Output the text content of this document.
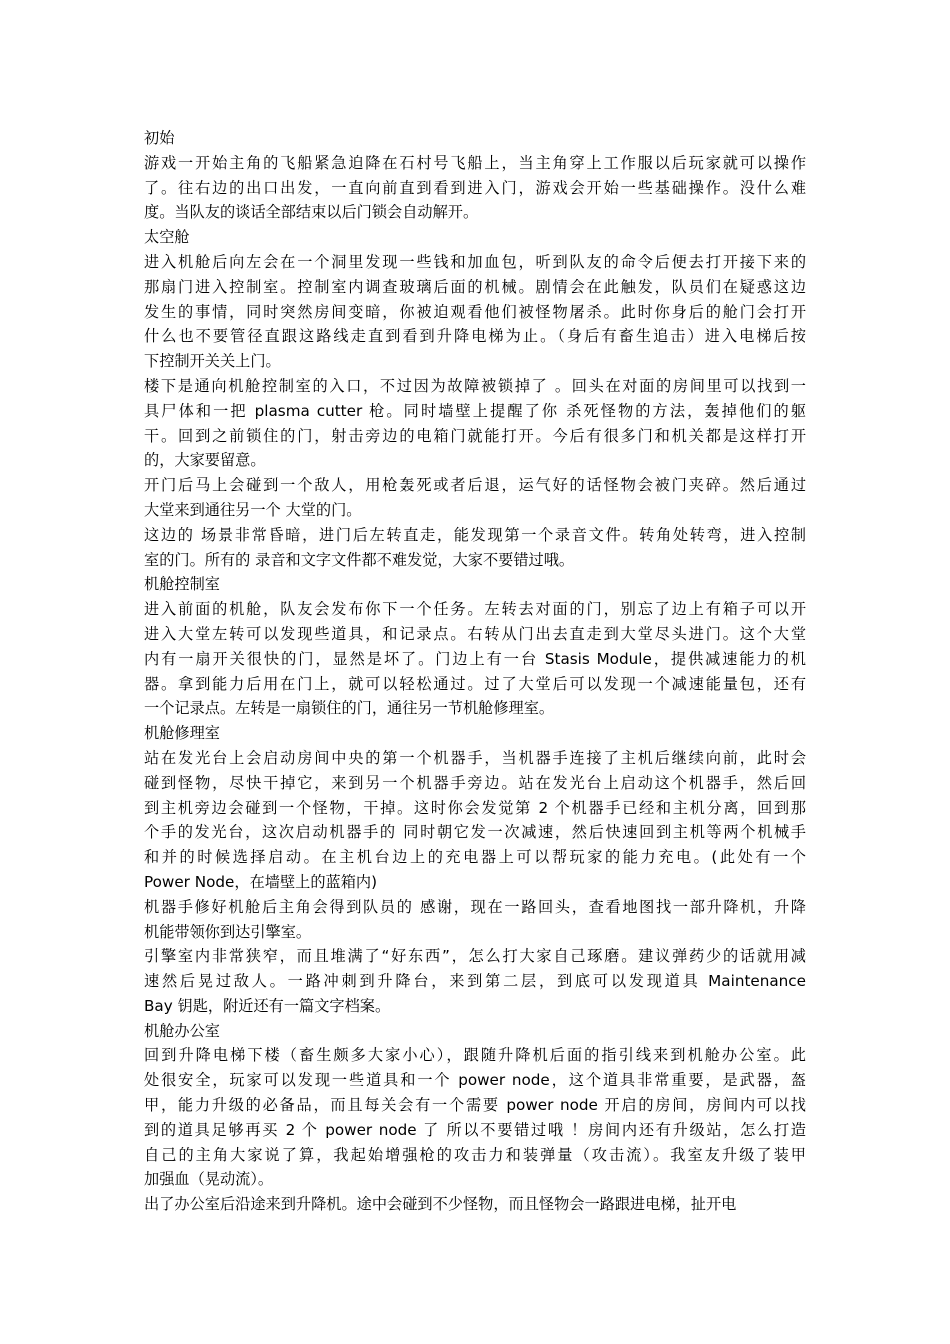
初始
游戏一开始主角的飞船紧急迫降在石村号飞船上，当主角穿上工作服以后玩家就可以操作
了。往右边的出口出发，一直向前直到看到进入门，游戏会开始一些基础操作。没什么难
度。当队友的谈话全部结束以后门锁会自动解开。
太空舱
进入机舱后向左会在一个洞里发现一些钱和加血包，听到队友的命令后便去打开接下来的
那扇门进入控制室。控制室内调查玻璃后面的机械。剧情会在此触发，队员们在疑惑这边
发生的事情，同时突然房间变暗，你被迫观看他们被怪物屠杀。此时你身后的舱门会打开
什么也不要管径直跟这路线走直到看到升降电梯为止。（身后有畜生追击）进入电梯后按
下控制开关关上门。
楼下是通向机舱控制室的入口，不过因为故障被锁掉了 。回头在对面的房间里可以找到一
具尸体和一把 plasma cutter 枪。同时墙壁上提醒了你 杀死怪物的方法，轰掉他们的躯
干。回到之前锁住的门，射击旁边的电箱门就能打开。今后有很多门和机关都是这样打开
的，大家要留意。
开门后马上会碰到一个敌人，用枪轰死或者后退，运气好的话怪物会被门夹碎。然后通过
大堂来到通往另一个 大堂的门。
这边的 场景非常昏暗，进门后左转直走，能发现第一个录音文件。转角处转弯，进入控制
室的门。所有的 录音和文字文件都不难发觉，大家不要错过哦。
机舱控制室
进入前面的机舱，队友会发布你下一个任务。左转去对面的门，别忘了边上有箱子可以开
进入大堂左转可以发现些道具，和记录点。右转从门出去直走到大堂尽头进门。这个大堂
内有一扇开关很快的门，显然是坏了。门边上有一台 Stasis Module，提供减速能力的机
器。拿到能力后用在门上，就可以轻松通过。过了大堂后可以发现一个减速能量包，还有
一个记录点。左转是一扇锁住的门，通往另一节机舱修理室。
机舱修理室
站在发光台上会启动房间中央的第一个机器手，当机器手连接了主机后继续向前，此时会
碰到怪物，尽快干掉它，来到另一个机器手旁边。站在发光台上启动这个机器手，然后回
到主机旁边会碰到一个怪物，干掉。这时你会发觉第 2 个机器手已经和主机分离，回到那
个手的发光台，这次启动机器手的 同时朝它发一次减速，然后快速回到主机等两个机械手
和并的时候选择启动。在主机台边上的充电器上可以帮玩家的能力充电。(此处有一个
Power Node，在墙壁上的蓝箱内)
机器手修好机舱后主角会得到队员的 感谢，现在一路回头，查看地图找一部升降机，升降
机能带领你到达引擎室。
引擎室内非常狭窄，而且堆满了“好东西”，怎么打大家自己琢磨。建议弹药少的话就用减
速然后晃过敌人。一路冲刺到升降台，来到第二层，到底可以发现道具 Maintenance
Bay 钥匙，附近还有一篇文字档案。
机舱办公室
回到升降电梯下楼（畜生颇多大家小心），跟随升降机后面的指引线来到机舱办公室。此
处很安全，玩家可以发现一些道具和一个 power node，这个道具非常重要，是武器，盔
甲，能力升级的必备品，而且每关会有一个需要 power node 开启的房间，房间内可以找
到的道具足够再买 2 个 power node 了 所以不要错过哦 ！房间内还有升级站，怎么打造
自己的主角大家说了算，我起始增强枪的攻击力和装弹量（攻击流）。我室友升级了装甲
加强血（晃动流）。
出了办公室后沿途来到升降机。途中会碰到不少怪物，而且怪物会一路跟进电梯，扯开电
